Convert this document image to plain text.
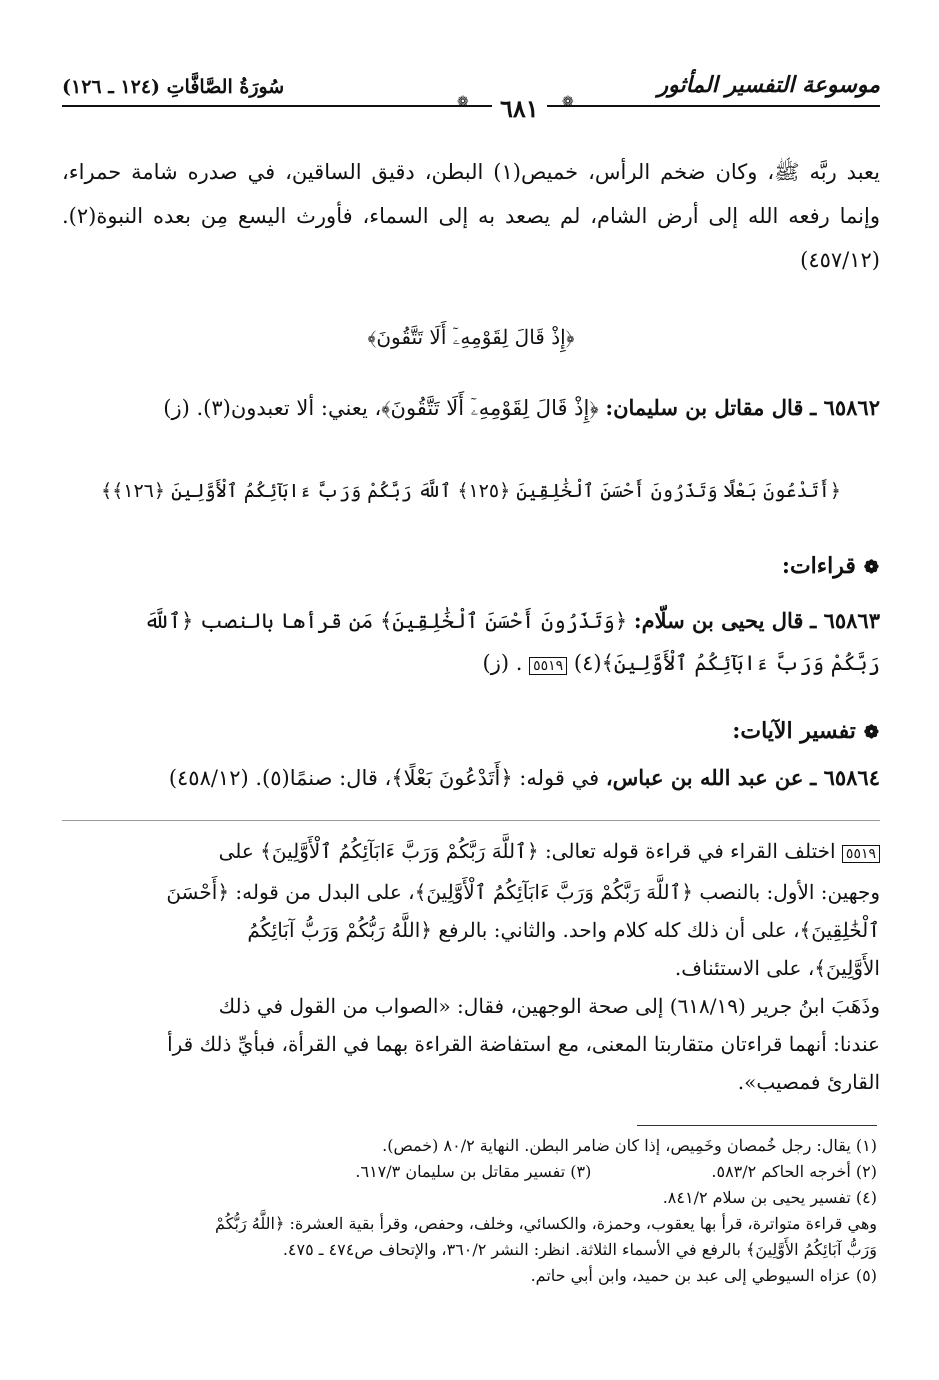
سُورَةُ الصَّافَّاتِ (١٢٤ ـ ١٢٦)	موسوعة التفسير المأثور
❁	٦٨١	❁
يعبد ربَّه ﷺ، وكان ضخم الرأس، خميص(١) البطن، دقيق الساقين، في صدره شامة حمراء، وإنما رفعه الله إلى أرض الشام، لم يصعد به إلى السماء، فأورث اليسع مِن بعده النبوة(٢). (٤٥٧/١٢)
﴿إِذْ قَالَ لِقَوْمِهِۦٓ أَلَا تَتَّقُونَ﴾
٦٥٨٦٢ ـ قال مقاتل بن سليمان: ﴿إِذْ قَالَ لِقَوْمِهِۦٓ أَلَا تَتَّقُونَ﴾، يعني: ألا تعبدون(٣). (ز)
﴿أَتَدْعُونَ بَعْلًا وَتَذَرُونَ أَحْسَنَ ٱلْخَٰلِقِينَ ﴿١٢٥﴾ ٱللَّهَ رَبَّكُمْ وَرَبَّ ءَابَآئِكُمُ ٱلْأَوَّلِينَ ﴿١٢٦﴾﴾
❁قراءات:
٦٥٨٦٣ ـ قال يحيى بن سلّام: ﴿وَتَذَرُونَ أَحْسَنَ ٱلْخَٰلِقِينَ﴾ مَن قرأها بالنصب ﴿ٱللَّهَ
رَبَّكُمْ وَرَبَّ ءَابَآئِكُمُ ٱلْأَوَّلِينَ﴾(٤) ٥٥١٩ . (ز)
❁تفسير الآيات:
٦٥٨٦٤ ـ عن عبد الله بن عباس، في قوله: ﴿أَتَدْعُونَ بَعْلًا﴾، قال: صنمًا(٥). (٤٥٨/١٢)
٥٥١٩ اختلف القراء في قراءة قوله تعالى: ﴿ٱللَّهَ رَبَّكُمْ وَرَبَّ ءَابَآئِكُمُ ٱلْأَوَّلِينَ﴾ على
وجهين: الأول: بالنصب ﴿ٱللَّهَ رَبَّكُمْ وَرَبَّ ءَابَآئِكُمُ ٱلْأَوَّلِينَ﴾، على البدل من قوله: ﴿أَحْسَنَ
ٱلْخَٰلِقِينَ﴾، على أن ذلك كله كلام واحد. والثاني: بالرفع ﴿اللَّهُ رَبُّكُمْ وَرَبُّ آبَائِكُمُ
الأَوَّلِينَ﴾، على الاستئناف.
وذَهَبَ ابنُ جرير (٦١٨/١٩) إلى صحة الوجهين، فقال: «الصواب من القول في ذلك
عندنا: أنهما قراءتان متقاربتا المعنى، مع استفاضة القراءة بهما في القرأة، فبأيِّ ذلك قرأ
القارئ فمصيب».
(١) يقال: رجل خُمصان وخَمِيص، إذا كان ضامر البطن. النهاية ٨٠/٢ (خمص).
(٢) أخرجه الحاكم ٥٨٣/٢.
(٣) تفسير مقاتل بن سليمان ٦١٧/٣.
(٤) تفسير يحيى بن سلام ٨٤١/٢.
وهي قراءة متواترة، قرأ بها يعقوب، وحمزة، والكسائي، وخلف، وحفص، وقرأ بقية العشرة: ﴿اللَّهُ رَبُّكُمْ
وَرَبُّ آبَائِكُمُ الأَوَّلِينَ﴾ بالرفع في الأسماء الثلاثة. انظر: النشر ٣٦٠/٢، والإتحاف ص٤٧٤ ـ ٤٧٥.
(٥) عزاه السيوطي إلى عبد بن حميد، وابن أبي حاتم.
